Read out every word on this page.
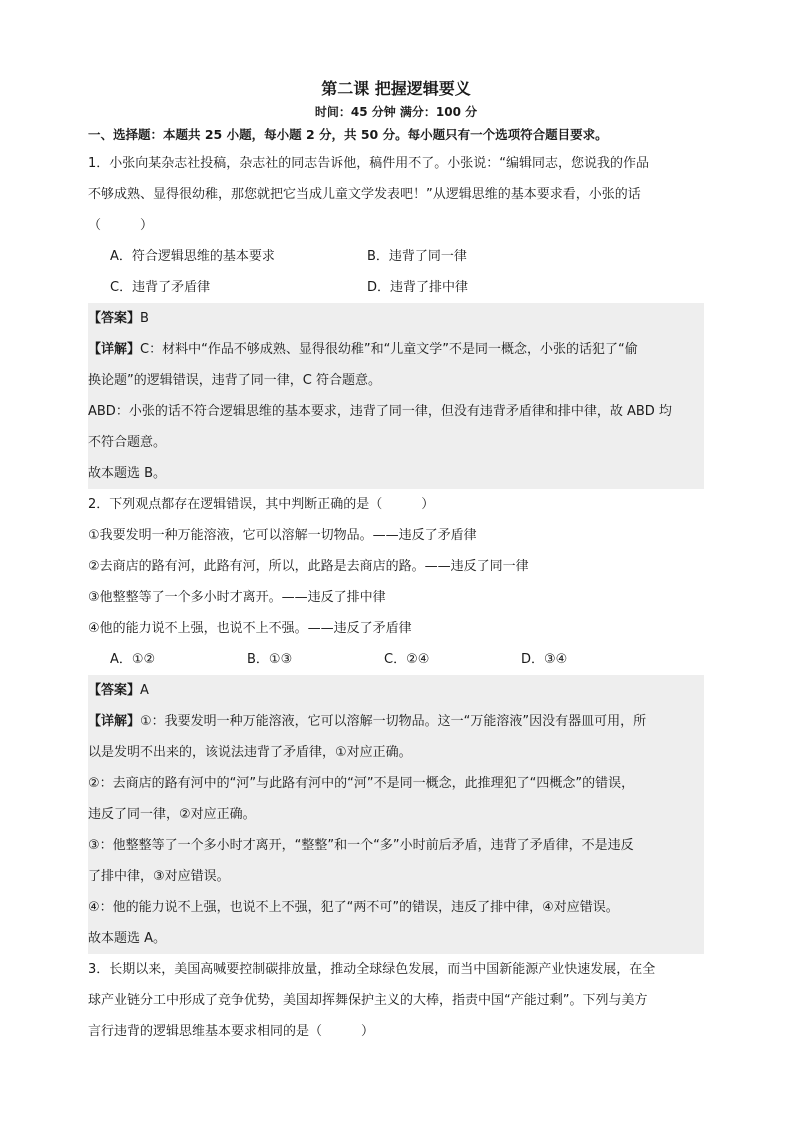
第二课 把握逻辑要义

时间：45 分钟 满分：100 分

一、选择题：本题共 25 小题，每小题 2 分，共 50 分。每小题只有一个选项符合题目要求。

1．小张向某杂志社投稿，杂志社的同志告诉他，稿件用不了。小张说：“编辑同志，您说我的作品

不够成熟、显得很幼稚，那您就把它当成儿童文学发表吧！”从逻辑思维的基本要求看，小张的话

（　　　）

A．符合逻辑思维的基本要求	B．违背了同一律
C．违背了矛盾律	D．违背了排中律

【答案】B

【详解】C：材料中“作品不够成熟、显得很幼稚”和“儿童文学”不是同一概念，小张的话犯了“偷

换论题”的逻辑错误，违背了同一律，C 符合题意。

ABD：小张的话不符合逻辑思维的基本要求，违背了同一律，但没有违背矛盾律和排中律，故 ABD 均

不符合题意。

故本题选 B。

2．下列观点都存在逻辑错误，其中判断正确的是（　　　）

①我要发明一种万能溶液，它可以溶解一切物品。——违反了矛盾律

②去商店的路有河，此路有河，所以，此路是去商店的路。——违反了同一律

③他整整等了一个多小时才离开。——违反了排中律

④他的能力说不上强，也说不上不强。——违反了矛盾律

A．①②	B．①③	C．②④	D．③④

【答案】A

【详解】①：我要发明一种万能溶液，它可以溶解一切物品。这一“万能溶液”因没有器皿可用，所

以是发明不出来的，该说法违背了矛盾律，①对应正确。

②：去商店的路有河中的“河”与此路有河中的“河”不是同一概念，此推理犯了“四概念”的错误，

违反了同一律，②对应正确。

③：他整整等了一个多小时才离开，“整整”和一个“多”小时前后矛盾，违背了矛盾律，不是违反

了排中律，③对应错误。

④：他的能力说不上强，也说不上不强，犯了“两不可”的错误，违反了排中律，④对应错误。

故本题选 A。

3．长期以来，美国高喊要控制碳排放量，推动全球绿色发展，而当中国新能源产业快速发展，在全

球产业链分工中形成了竞争优势，美国却挥舞保护主义的大棒，指责中国“产能过剩”。下列与美方

言行违背的逻辑思维基本要求相同的是（　　　）
